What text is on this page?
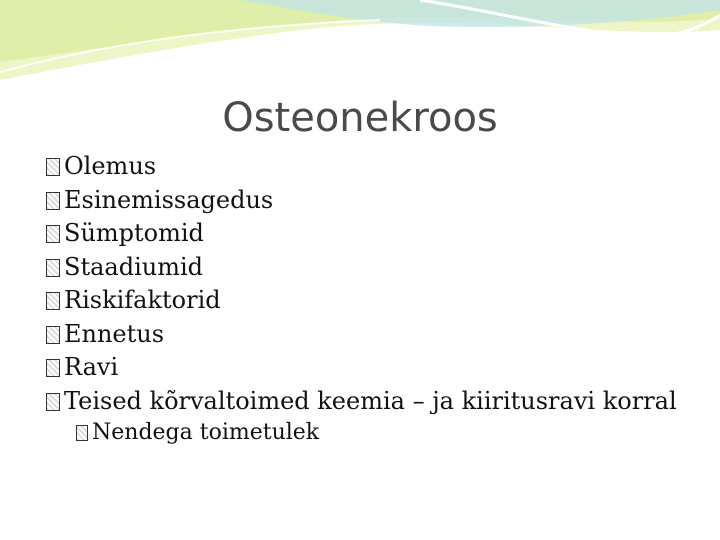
Osteonekroos
Olemus
Esinemissagedus
Sümptomid
Staadiumid
Riskifaktorid
Ennetus
Ravi
Teised kõrvaltoimed keemia – ja kiiritusravi korral
Nendega toimetulek
